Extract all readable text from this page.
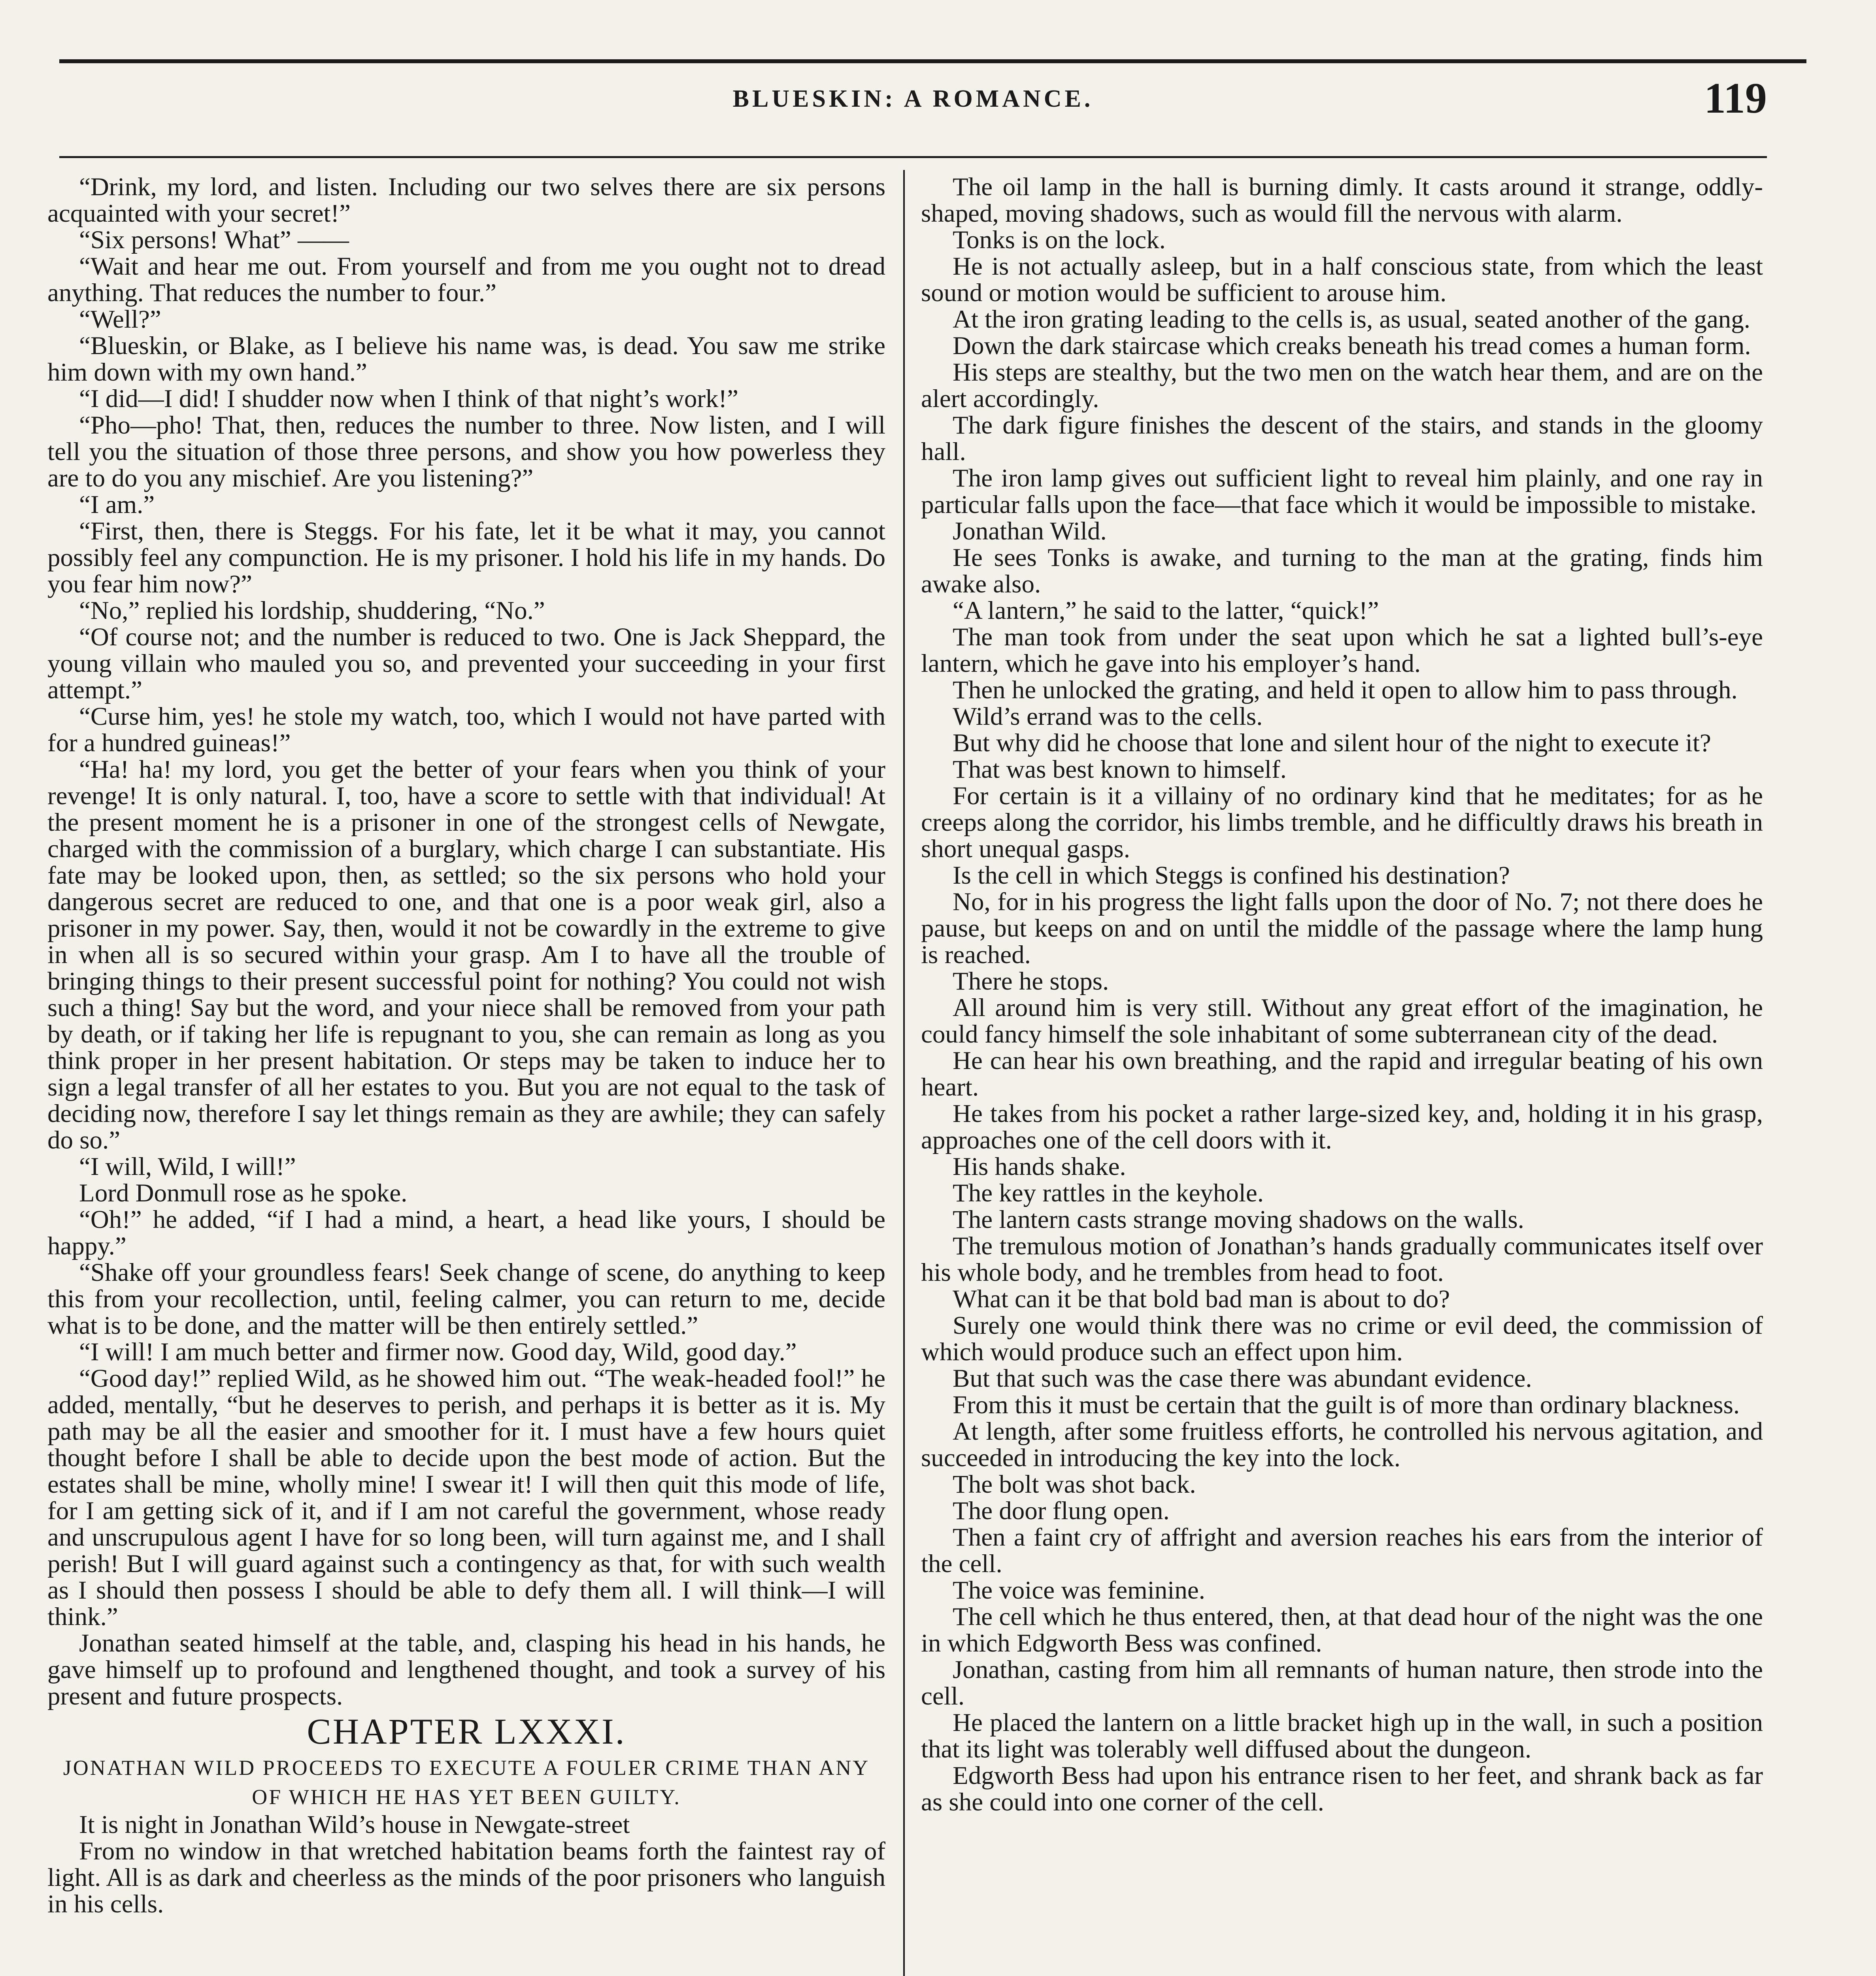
BLUESKIN: A ROMANCE.	119

“Drink, my lord, and listen. Including our two selves there are six persons acquainted with your secret!”

“Six persons! What” ——

“Wait and hear me out. From yourself and from me you ought not to dread anything. That reduces the number to four.”

“Well?”

“Blueskin, or Blake, as I believe his name was, is dead. You saw me strike him down with my own hand.”

“I did—I did! I shudder now when I think of that night’s work!”

“Pho—pho! That, then, reduces the number to three. Now listen, and I will tell you the situation of those three persons, and show you how powerless they are to do you any mischief. Are you listening?”

“I am.”

“First, then, there is Steggs. For his fate, let it be what it may, you cannot possibly feel any compunction. He is my prisoner. I hold his life in my hands. Do you fear him now?”

“No,” replied his lordship, shuddering, “No.”

“Of course not; and the number is reduced to two. One is Jack Sheppard, the young villain who mauled you so, and prevented your succeeding in your first attempt.”

“Curse him, yes! he stole my watch, too, which I would not have parted with for a hundred guineas!”

“Ha! ha! my lord, you get the better of your fears when you think of your revenge! It is only natural. I, too, have a score to settle with that individual! At the present moment he is a prisoner in one of the strongest cells of Newgate, charged with the commission of a burglary, which charge I can substantiate. His fate may be looked upon, then, as settled; so the six persons who hold your dangerous secret are reduced to one, and that one is a poor weak girl, also a prisoner in my power. Say, then, would it not be cowardly in the extreme to give in when all is so secured within your grasp. Am I to have all the trouble of bringing things to their present successful point for nothing? You could not wish such a thing! Say but the word, and your niece shall be removed from your path by death, or if taking her life is repugnant to you, she can remain as long as you think proper in her present habitation. Or steps may be taken to induce her to sign a legal transfer of all her estates to you. But you are not equal to the task of deciding now, therefore I say let things remain as they are awhile; they can safely do so.”

“I will, Wild, I will!”

Lord Donmull rose as he spoke.

“Oh!” he added, “if I had a mind, a heart, a head like yours, I should be happy.”

“Shake off your groundless fears! Seek change of scene, do anything to keep this from your recollection, until, feeling calmer, you can return to me, decide what is to be done, and the matter will be then entirely settled.”

“I will! I am much better and firmer now. Good day, Wild, good day.”

“Good day!” replied Wild, as he showed him out. “The weak-headed fool!” he added, mentally, “but he deserves to perish, and perhaps it is better as it is. My path may be all the easier and smoother for it. I must have a few hours quiet thought before I shall be able to decide upon the best mode of action. But the estates shall be mine, wholly mine! I swear it! I will then quit this mode of life, for I am getting sick of it, and if I am not careful the government, whose ready and unscrupulous agent I have for so long been, will turn against me, and I shall perish! But I will guard against such a contingency as that, for with such wealth as I should then possess I should be able to defy them all. I will think—I will think.”

Jonathan seated himself at the table, and, clasping his head in his hands, he gave himself up to profound and lengthened thought, and took a survey of his present and future prospects.

CHAPTER LXXXI.

JONATHAN WILD PROCEEDS TO EXECUTE A FOULER CRIME THAN ANY OF WHICH HE HAS YET BEEN GUILTY.

It is night in Jonathan Wild’s house in Newgate-street

From no window in that wretched habitation beams forth the faintest ray of light. All is as dark and cheerless as the minds of the poor prisoners who languish in his cells.

The oil lamp in the hall is burning dimly. It casts around it strange, oddly-shaped, moving shadows, such as would fill the nervous with alarm.

Tonks is on the lock.

He is not actually asleep, but in a half conscious state, from which the least sound or motion would be sufficient to arouse him.

At the iron grating leading to the cells is, as usual, seated another of the gang.

Down the dark staircase which creaks beneath his tread comes a human form.

His steps are stealthy, but the two men on the watch hear them, and are on the alert accordingly.

The dark figure finishes the descent of the stairs, and stands in the gloomy hall.

The iron lamp gives out sufficient light to reveal him plainly, and one ray in particular falls upon the face—that face which it would be impossible to mistake.

Jonathan Wild.

He sees Tonks is awake, and turning to the man at the grating, finds him awake also.

“A lantern,” he said to the latter, “quick!”

The man took from under the seat upon which he sat a lighted bull’s-eye lantern, which he gave into his employer’s hand.

Then he unlocked the grating, and held it open to allow him to pass through.

Wild’s errand was to the cells.

But why did he choose that lone and silent hour of the night to execute it?

That was best known to himself.

For certain is it a villainy of no ordinary kind that he meditates; for as he creeps along the corridor, his limbs tremble, and he difficultly draws his breath in short unequal gasps.

Is the cell in which Steggs is confined his destination?

No, for in his progress the light falls upon the door of No. 7; not there does he pause, but keeps on and on until the middle of the passage where the lamp hung is reached.

There he stops.

All around him is very still. Without any great effort of the imagination, he could fancy himself the sole inhabitant of some subterranean city of the dead.

He can hear his own breathing, and the rapid and irregular beating of his own heart.

He takes from his pocket a rather large-sized key, and, holding it in his grasp, approaches one of the cell doors with it.

His hands shake.

The key rattles in the keyhole.

The lantern casts strange moving shadows on the walls.

The tremulous motion of Jonathan’s hands gradually communicates itself over his whole body, and he trembles from head to foot.

What can it be that bold bad man is about to do?

Surely one would think there was no crime or evil deed, the commission of which would produce such an effect upon him.

But that such was the case there was abundant evidence.

From this it must be certain that the guilt is of more than ordinary blackness.

At length, after some fruitless efforts, he controlled his nervous agitation, and succeeded in introducing the key into the lock.

The bolt was shot back.

The door flung open.

Then a faint cry of affright and aversion reaches his ears from the interior of the cell.

The voice was feminine.

The cell which he thus entered, then, at that dead hour of the night was the one in which Edgworth Bess was confined.

Jonathan, casting from him all remnants of human nature, then strode into the cell.

He placed the lantern on a little bracket high up in the wall, in such a position that its light was tolerably well diffused about the dungeon.

Edgworth Bess had upon his entrance risen to her feet, and shrank back as far as she could into one corner of the cell.
